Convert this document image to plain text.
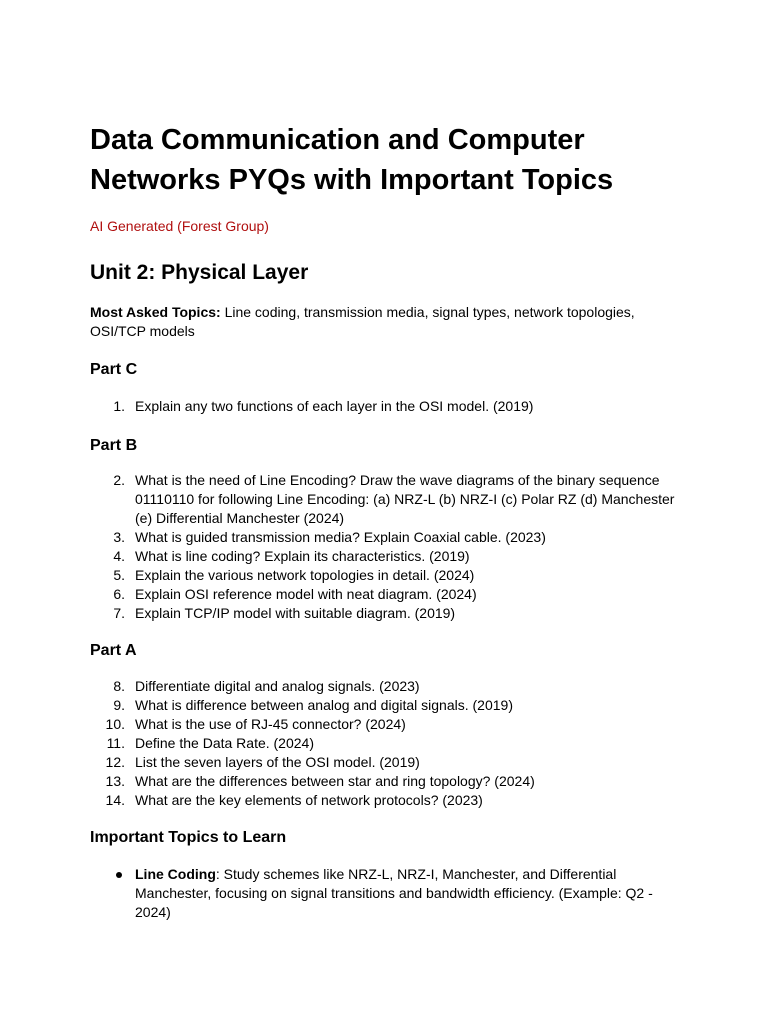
Data Communication and Computer Networks PYQs with Important Topics

AI Generated (Forest Group)

Unit 2: Physical Layer

Most Asked Topics: Line coding, transmission media, signal types, network topologies, OSI/TCP models

Part C
1. Explain any two functions of each layer in the OSI model. (2019)
Part B
2. What is the need of Line Encoding? Draw the wave diagrams of the binary sequence 01110110 for following Line Encoding: (a) NRZ-L (b) NRZ-I (c) Polar RZ (d) Manchester (e) Differential Manchester (2024)
3. What is guided transmission media? Explain Coaxial cable. (2023)
4. What is line coding? Explain its characteristics. (2019)
5. Explain the various network topologies in detail. (2024)
6. Explain OSI reference model with neat diagram. (2024)
7. Explain TCP/IP model with suitable diagram. (2019)
Part A
8. Differentiate digital and analog signals. (2023)
9. What is difference between analog and digital signals. (2019)
10. What is the use of RJ-45 connector? (2024)
11. Define the Data Rate. (2024)
12. List the seven layers of the OSI model. (2019)
13. What are the differences between star and ring topology? (2024)
14. What are the key elements of network protocols? (2023)
Important Topics to Learn
Line Coding: Study schemes like NRZ-L, NRZ-I, Manchester, and Differential Manchester, focusing on signal transitions and bandwidth efficiency. (Example: Q2 - 2024)
